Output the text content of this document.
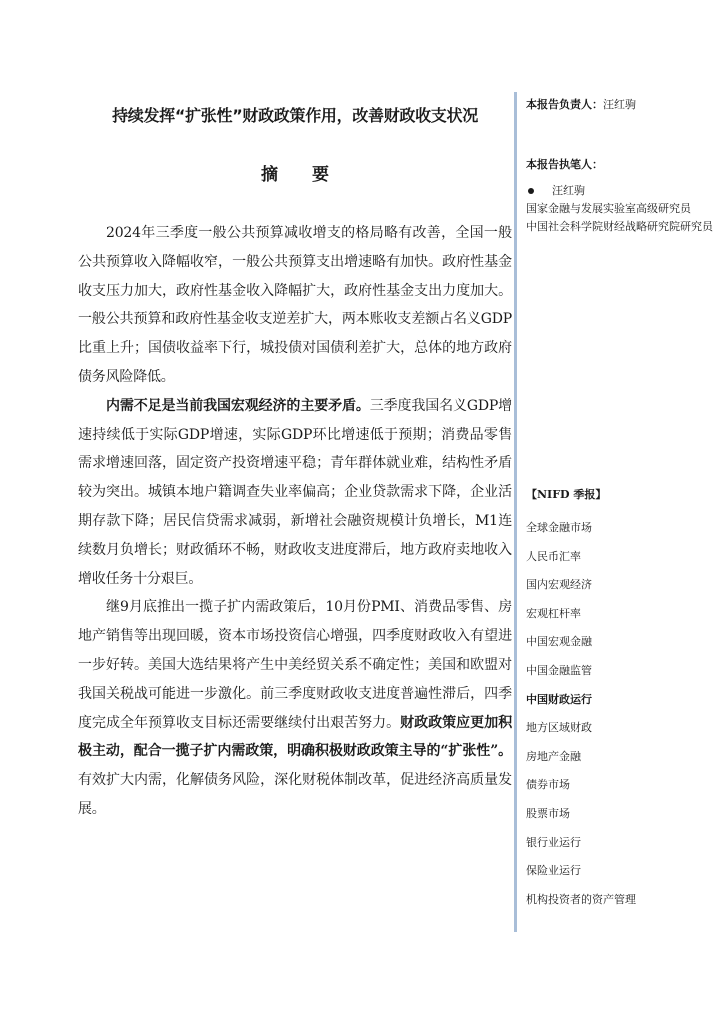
持续发挥“扩张性”财政政策作用，改善财政收支状况
摘 要

2024年三季度一般公共预算减收增支的格局略有改善，全国一般公共预算收入降幅收窄，一般公共预算支出增速略有加快。政府性基金收支压力加大，政府性基金收入降幅扩大，政府性基金支出力度加大。一般公共预算和政府性基金收支逆差扩大，两本账收支差额占名义GDP比重上升；国债收益率下行，城投债对国债利差扩大，总体的地方政府债务风险降低。

内需不足是当前我国宏观经济的主要矛盾。三季度我国名义GDP增速持续低于实际GDP增速，实际GDP环比增速低于预期；消费品零售需求增速回落，固定资产投资增速平稳；青年群体就业难，结构性矛盾较为突出。城镇本地户籍调查失业率偏高；企业贷款需求下降，企业活期存款下降；居民信贷需求减弱，新增社会融资规模计负增长，M1连续数月负增长；财政循环不畅，财政收支进度滞后，地方政府卖地收入增收任务十分艰巨。

继9月底推出一揽子扩内需政策后，10月份PMI、消费品零售、房地产销售等出现回暖，资本市场投资信心增强，四季度财政收入有望进一步好转。美国大选结果将产生中美经贸关系不确定性；美国和欧盟对我国关税战可能进一步激化。前三季度财政收支进度普遍性滞后，四季度完成全年预算收支目标还需要继续付出艰苦努力。财政政策应更加积极主动，配合一揽子扩内需政策，明确积极财政政策主导的“扩张性”。有效扩大内需，化解债务风险，深化财税体制改革，促进经济高质量发展。

本报告负责人：汪红驹
本报告执笔人：
汪红驹
国家金融与发展实验室高级研究员
中国社会科学院财经战略研究院研究员
【NIFD 季报】
全球金融市场
人民币汇率
国内宏观经济
宏观杠杆率
中国宏观金融
中国金融监管
中国财政运行
地方区域财政
房地产金融
债券市场
股票市场
银行业运行
保险业运行
机构投资者的资产管理
